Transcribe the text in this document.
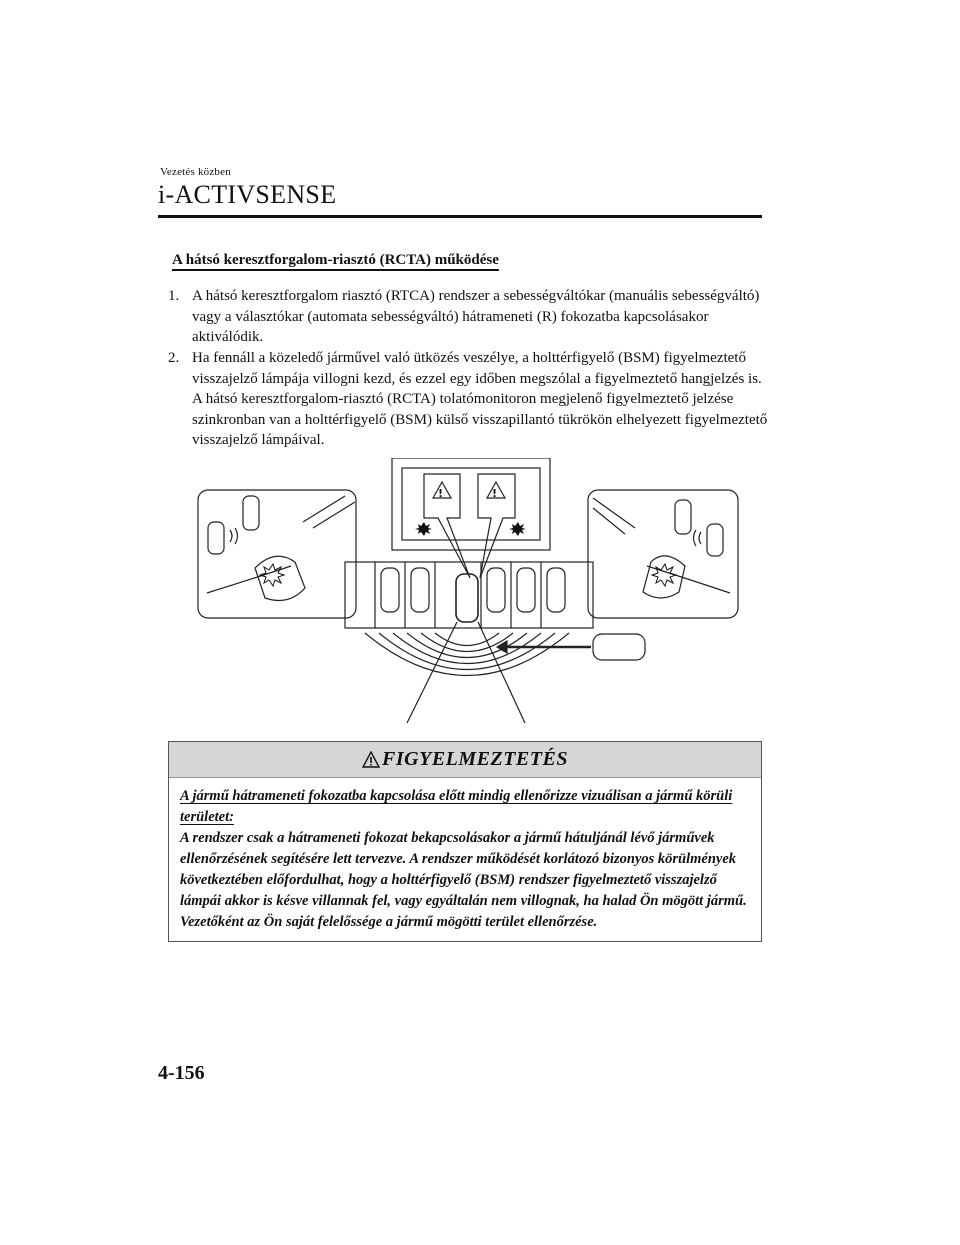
Vezetés közben
i-ACTIVSENSE
A hátsó keresztforgalom-riasztó (RCTA) működése
1. A hátsó keresztforgalom riasztó (RTCA) rendszer a sebességváltókar (manuális sebességváltó) vagy a választókar (automata sebességváltó) hátrameneti (R) fokozatba kapcsolásakor aktiválódik.
2. Ha fennáll a közeledő járművel való ütközés veszélye, a holttérfigyelő (BSM) figyelmeztető visszajelző lámpája villogni kezd, és ezzel egy időben megszólal a figyelmeztető hangjelzés is.
A hátsó keresztforgalom-riasztó (RCTA) tolatómonitoron megjelenő figyelmeztető jelzése szinkronban van a holttérfigyelő (BSM) külső visszapillantó tükrökön elhelyezett figyelmeztető visszajelző lámpáival.
!	!
FIGYELMEZTETÉS
A jármű hátrameneti fokozatba kapcsolása előtt mindig ellenőrizze vizuálisan a jármű körüli területet:
A rendszer csak a hátrameneti fokozat bekapcsolásakor a jármű hátuljánál lévő járművek ellenőrzésének segítésére lett tervezve. A rendszer működését korlátozó bizonyos körülmények következtében előfordulhat, hogy a holttérfigyelő (BSM) rendszer figyelmeztető visszajelző lámpái akkor is késve villannak fel, vagy egyáltalán nem villognak, ha halad Ön mögött jármű. Vezetőként az Ön saját felelőssége a jármű mögötti terület ellenőrzése.
4-156
